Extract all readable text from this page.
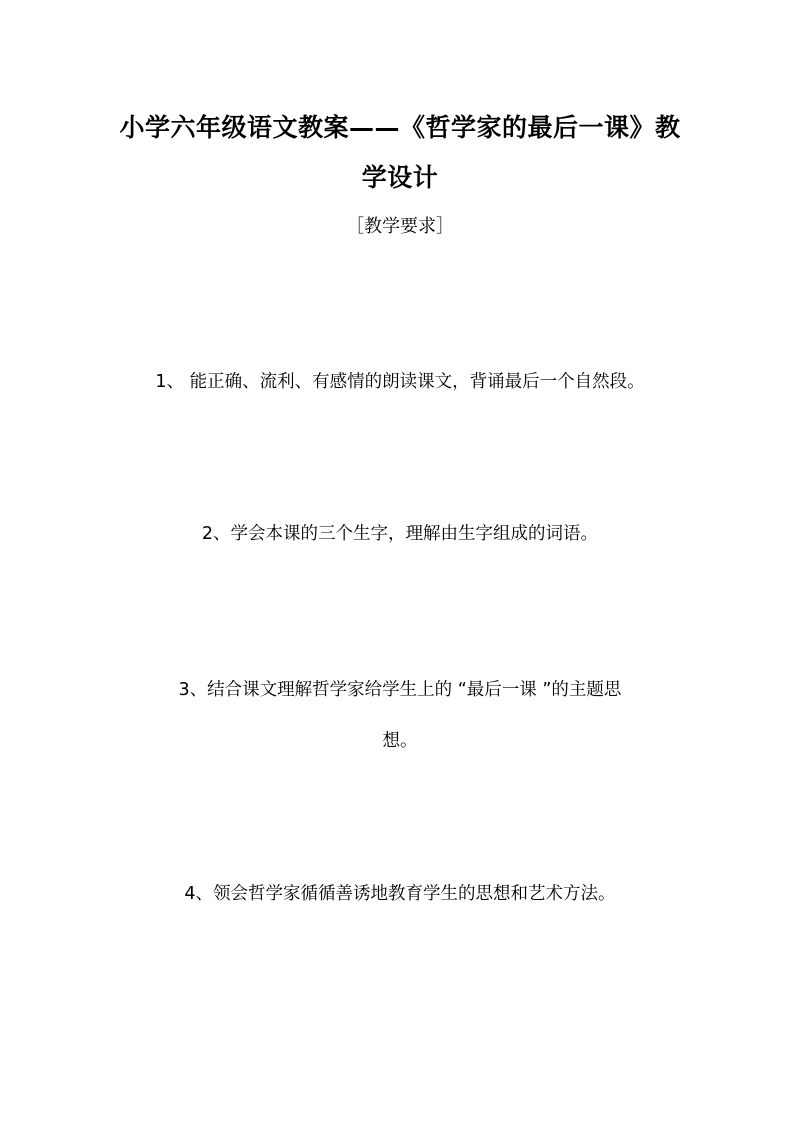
小学六年级语文教案——《哲学家的最后一课》教
学设计
［教学要求］
1、 能正确、流利、有感情的朗读课文，背诵最后一个自然段。
2、学会本课的三个生字，理解由生字组成的词语。
3、结合课文理解哲学家给学生上的 “最后一课 ”的主题思
想。
4、领会哲学家循循善诱地教育学生的思想和艺术方法。
